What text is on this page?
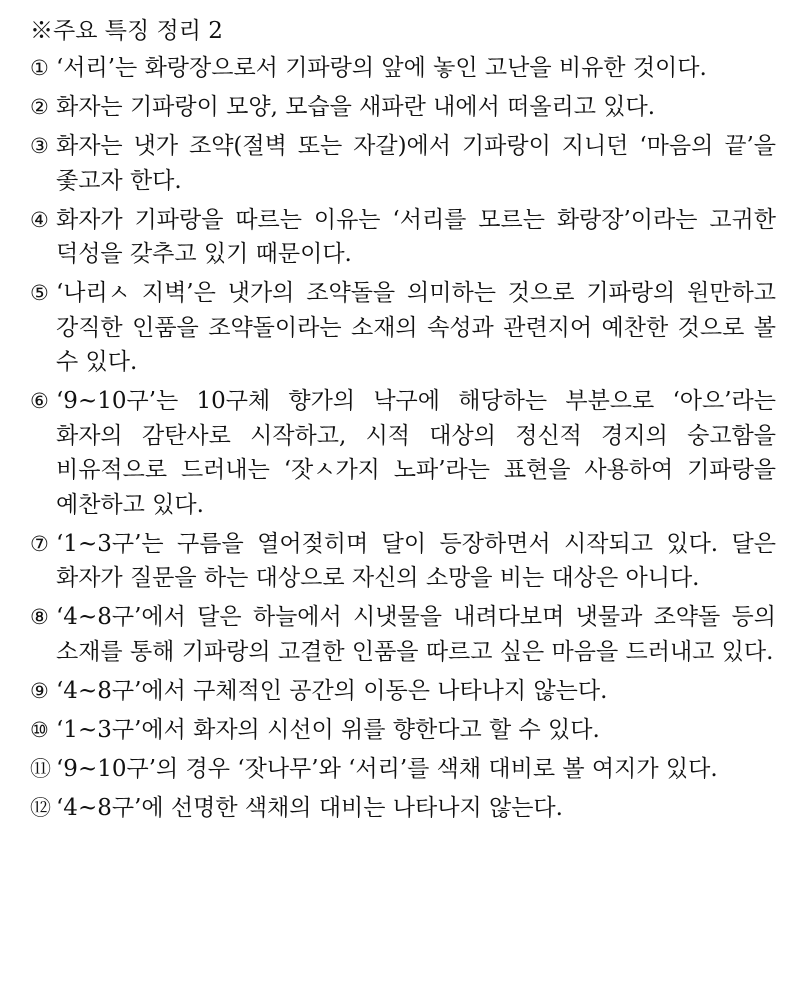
※주요 특징 정리 2
① ‘서리’는 화랑장으로서 기파랑의 앞에 놓인 고난을 비유한 것이다.
② 화자는 기파랑이 모양, 모습을 새파란 내에서 떠올리고 있다.
③ 화자는 냇가 조약(절벽 또는 자갈)에서 기파랑이 지니던 ‘마음의 끝’을 좇고자 한다.
④ 화자가 기파랑을 따르는 이유는 ‘서리를 모르는 화랑장’이라는 고귀한 덕성을 갖추고 있기 때문이다.
⑤ ‘나리ㅅ 지벽’은 냇가의 조약돌을 의미하는 것으로 기파랑의 원만하고 강직한 인품을 조약돌이라는 소재의 속성과 관련지어 예찬한 것으로 볼 수 있다.
⑥ ‘9~10구’는 10구체 향가의 낙구에 해당하는 부분으로 ‘아으’라는 화자의 감탄사로 시작하고, 시적 대상의 정신적 경지의 숭고함을 비유적으로 드러내는 ‘잣ㅅ가지 노파’라는 표현을 사용하여 기파랑을 예찬하고 있다.
⑦ ‘1~3구’는 구름을 열어젖히며 달이 등장하면서 시작되고 있다. 달은 화자가 질문을 하는 대상으로 자신의 소망을 비는 대상은 아니다.
⑧ ‘4~8구’에서 달은 하늘에서 시냇물을 내려다보며 냇물과 조약돌 등의 소재를 통해 기파랑의 고결한 인품을 따르고 싶은 마음을 드러내고 있다.
⑨ ‘4~8구’에서 구체적인 공간의 이동은 나타나지 않는다.
⑩ ‘1~3구’에서 화자의 시선이 위를 향한다고 할 수 있다.
⑪ ‘9~10구’의 경우 ‘잣나무’와 ‘서리’를 색채 대비로 볼 여지가 있다.
⑫ ‘4~8구’에 선명한 색채의 대비는 나타나지 않는다.
